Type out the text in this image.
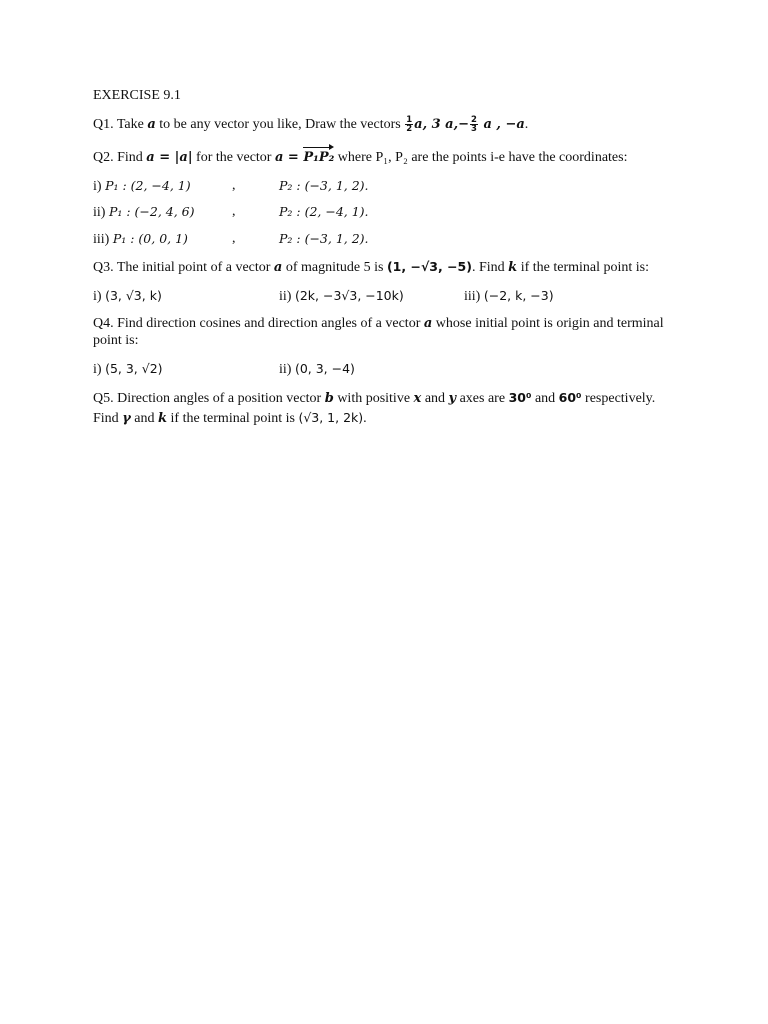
EXERCISE 9.1
Q1. Take a to be any vector you like, Draw the vectors $\frac{1}{2} a$, 3 $a,- \frac{2}{3}$ a , −a.
Q2. Find a = |a| for the vector a = P₁P₂ where P₁, P₂ are the points i-e have the coordinates:
i) P₁ : (2, −4, 1)	,	P₂ : (−3, 1, 2).
ii) P₁ : (−2, 4, 6)	,	P₂ : (2, −4, 1).
iii) P₁ : (0, 0, 1)	,	P₂ : (−3, 1, 2).
Q3. The initial point of a vector a of magnitude 5 is (1, −√3, −5). Find k if the terminal point is:
i) (3, √3, k)	ii) (2k, −3√3, −10k)	iii) (−2, k, −3)
Q4. Find direction cosines and direction angles of a vector a whose initial point is origin and terminal
point is:
i) (5, 3, √2)	ii) (0, 3, −4)
Q5. Direction angles of a position vector b with positive x and y axes are 30⁰ and 60⁰ respectively.
Find γ and k if the terminal point is (√3, 1, 2k).
